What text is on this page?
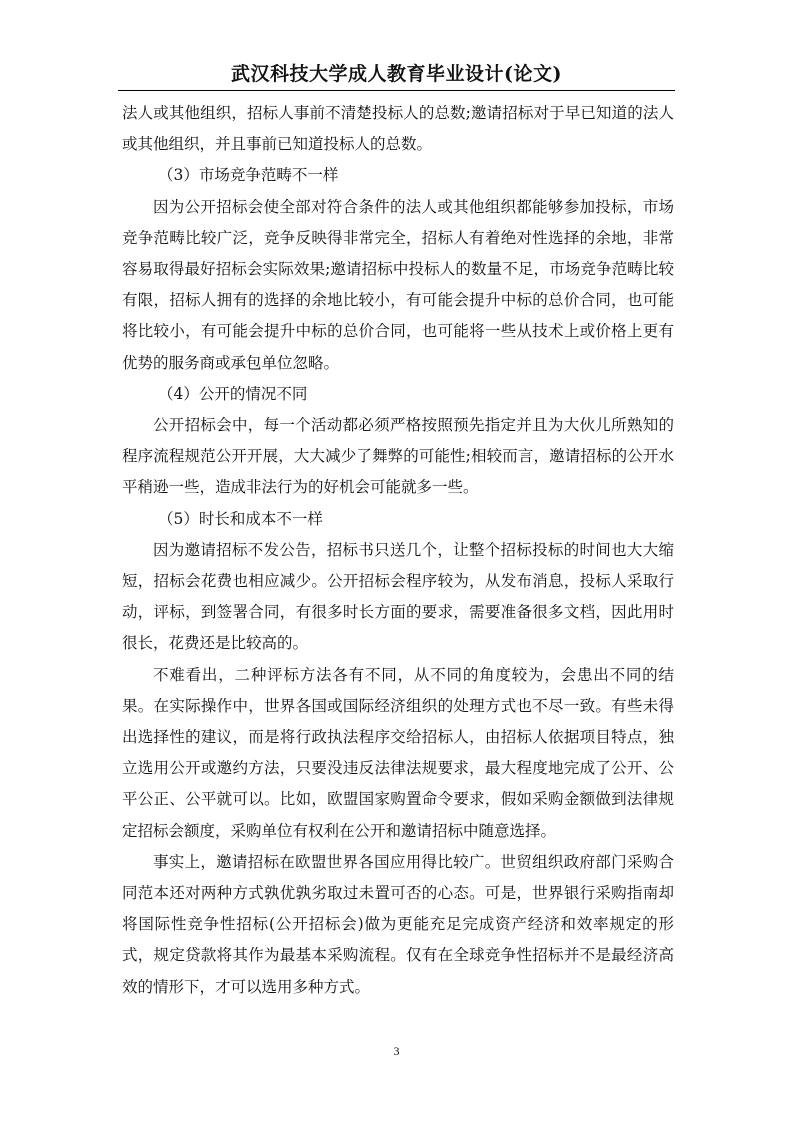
武汉科技大学成人教育毕业设计(论文)

法人或其他组织，招标人事前不清楚投标人的总数;邀请招标对于早已知道的法人或其他组织，并且事前已知道投标人的总数。

（3）市场竞争范畴不一样

因为公开招标会使全部对符合条件的法人或其他组织都能够参加投标，市场竞争范畴比较广泛，竞争反映得非常完全，招标人有着绝对性选择的余地，非常容易取得最好招标会实际效果;邀请招标中投标人的数量不足，市场竞争范畴比较有限，招标人拥有的选择的余地比较小，有可能会提升中标的总价合同，也可能将比较小，有可能会提升中标的总价合同，也可能将一些从技术上或价格上更有优势的服务商或承包单位忽略。

（4）公开的情况不同

公开招标会中，每一个活动都必须严格按照预先指定并且为大伙儿所熟知的程序流程规范公开开展，大大减少了舞弊的可能性;相较而言，邀请招标的公开水平稍逊一些，造成非法行为的好机会可能就多一些。

（5）时长和成本不一样

因为邀请招标不发公告，招标书只送几个，让整个招标投标的时间也大大缩短，招标会花费也相应减少。公开招标会程序较为，从发布消息，投标人采取行动，评标，到签署合同，有很多时长方面的要求，需要准备很多文档，因此用时很长，花费还是比较高的。

不难看出，二种评标方法各有不同，从不同的角度较为，会患出不同的结果。在实际操作中，世界各国或国际经济组织的处理方式也不尽一致。有些未得出选择性的建议，而是将行政执法程序交给招标人，由招标人依据项目特点，独立选用公开或邀约方法，只要没违反法律法规要求，最大程度地完成了公开、公平公正、公平就可以。比如，欧盟国家购置命令要求，假如采购金额做到法律规定招标会额度，采购单位有权利在公开和邀请招标中随意选择。

事实上，邀请招标在欧盟世界各国应用得比较广。世贸组织政府部门采购合同范本还对两种方式孰优孰劣取过未置可否的心态。可是，世界银行采购指南却将国际性竞争性招标(公开招标会)做为更能充足完成资产经济和效率规定的形式，规定贷款将其作为最基本采购流程。仅有在全球竞争性招标并不是最经济高效的情形下，才可以选用多种方式。

3
